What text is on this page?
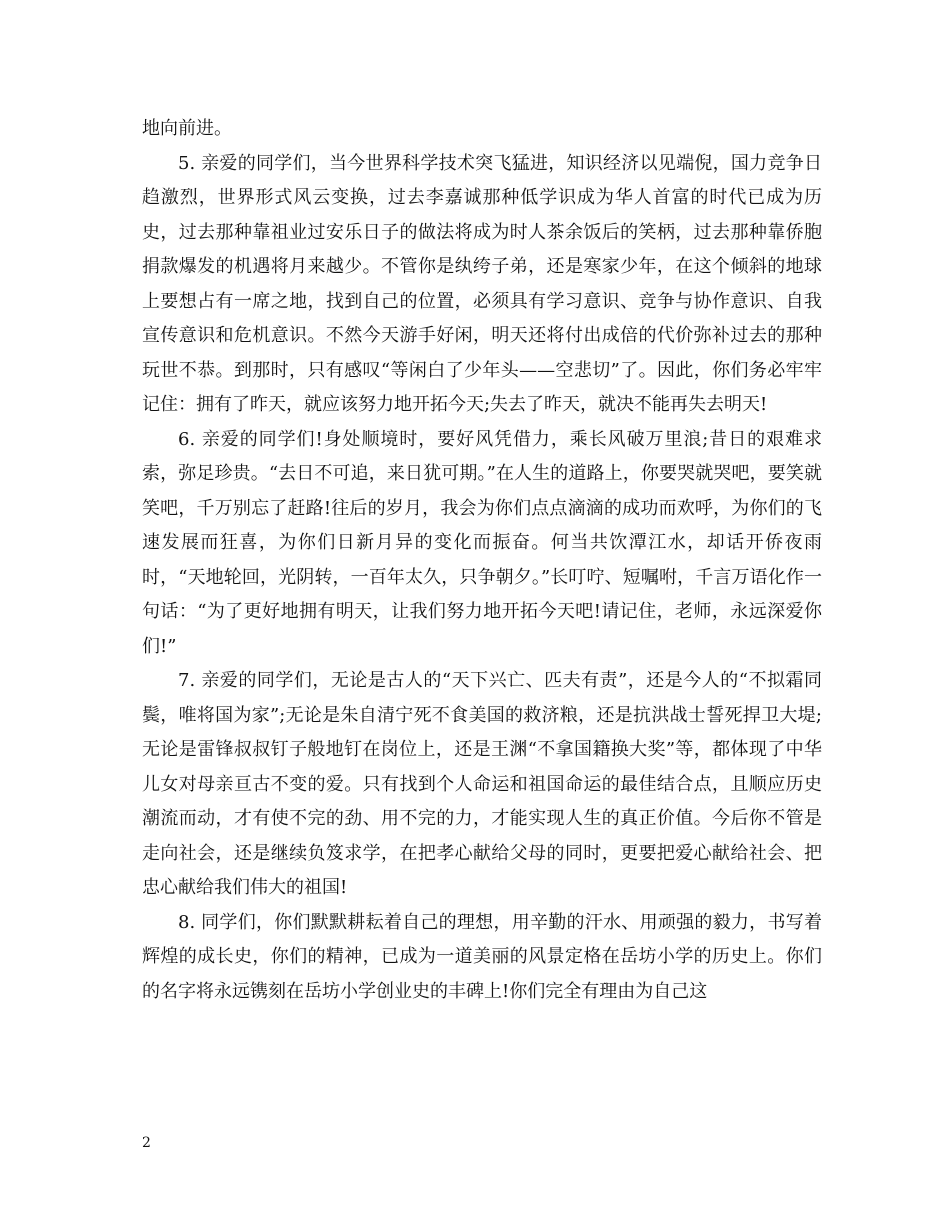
地向前进。

5. 亲爱的同学们，当今世界科学技术突飞猛进，知识经济以见端倪，国力竞争日趋激烈，世界形式风云变换，过去李嘉诚那种低学识成为华人首富的时代已成为历史，过去那种靠祖业过安乐日子的做法将成为时人茶余饭后的笑柄，过去那种靠侨胞捐款爆发的机遇将月来越少。不管你是纨绔子弟，还是寒家少年，在这个倾斜的地球上要想占有一席之地，找到自己的位置，必须具有学习意识、竞争与协作意识、自我宣传意识和危机意识。不然今天游手好闲，明天还将付出成倍的代价弥补过去的那种玩世不恭。到那时，只有感叹“等闲白了少年头——空悲切”了。因此，你们务必牢牢记住：拥有了昨天，就应该努力地开拓今天;失去了昨天，就决不能再失去明天!

6. 亲爱的同学们!身处顺境时，要好风凭借力，乘长风破万里浪;昔日的艰难求索，弥足珍贵。“去日不可追，来日犹可期。”在人生的道路上，你要哭就哭吧，要笑就笑吧，千万别忘了赶路!往后的岁月，我会为你们点点滴滴的成功而欢呼，为你们的飞速发展而狂喜，为你们日新月异的变化而振奋。何当共饮潭江水，却话开侨夜雨时，“天地轮回，光阴转，一百年太久，只争朝夕。”长叮咛、短嘱咐，千言万语化作一句话：“为了更好地拥有明天，让我们努力地开拓今天吧!请记住，老师，永远深爱你们!”

7. 亲爱的同学们，无论是古人的“天下兴亡、匹夫有责”，还是今人的“不拟霜同鬓，唯将国为家”;无论是朱自清宁死不食美国的救济粮，还是抗洪战士誓死捍卫大堤;无论是雷锋叔叔钉子般地钉在岗位上，还是王渊“不拿国籍换大奖”等，都体现了中华儿女对母亲亘古不变的爱。只有找到个人命运和祖国命运的最佳结合点，且顺应历史潮流而动，才有使不完的劲、用不完的力，才能实现人生的真正价值。今后你不管是走向社会，还是继续负笈求学，在把孝心献给父母的同时，更要把爱心献给社会、把忠心献给我们伟大的祖国!

8. 同学们，你们默默耕耘着自己的理想，用辛勤的汗水、用顽强的毅力，书写着辉煌的成长史，你们的精神，已成为一道美丽的风景定格在岳坊小学的历史上。你们的名字将永远镌刻在岳坊小学创业史的丰碑上!你们完全有理由为自己这

2
